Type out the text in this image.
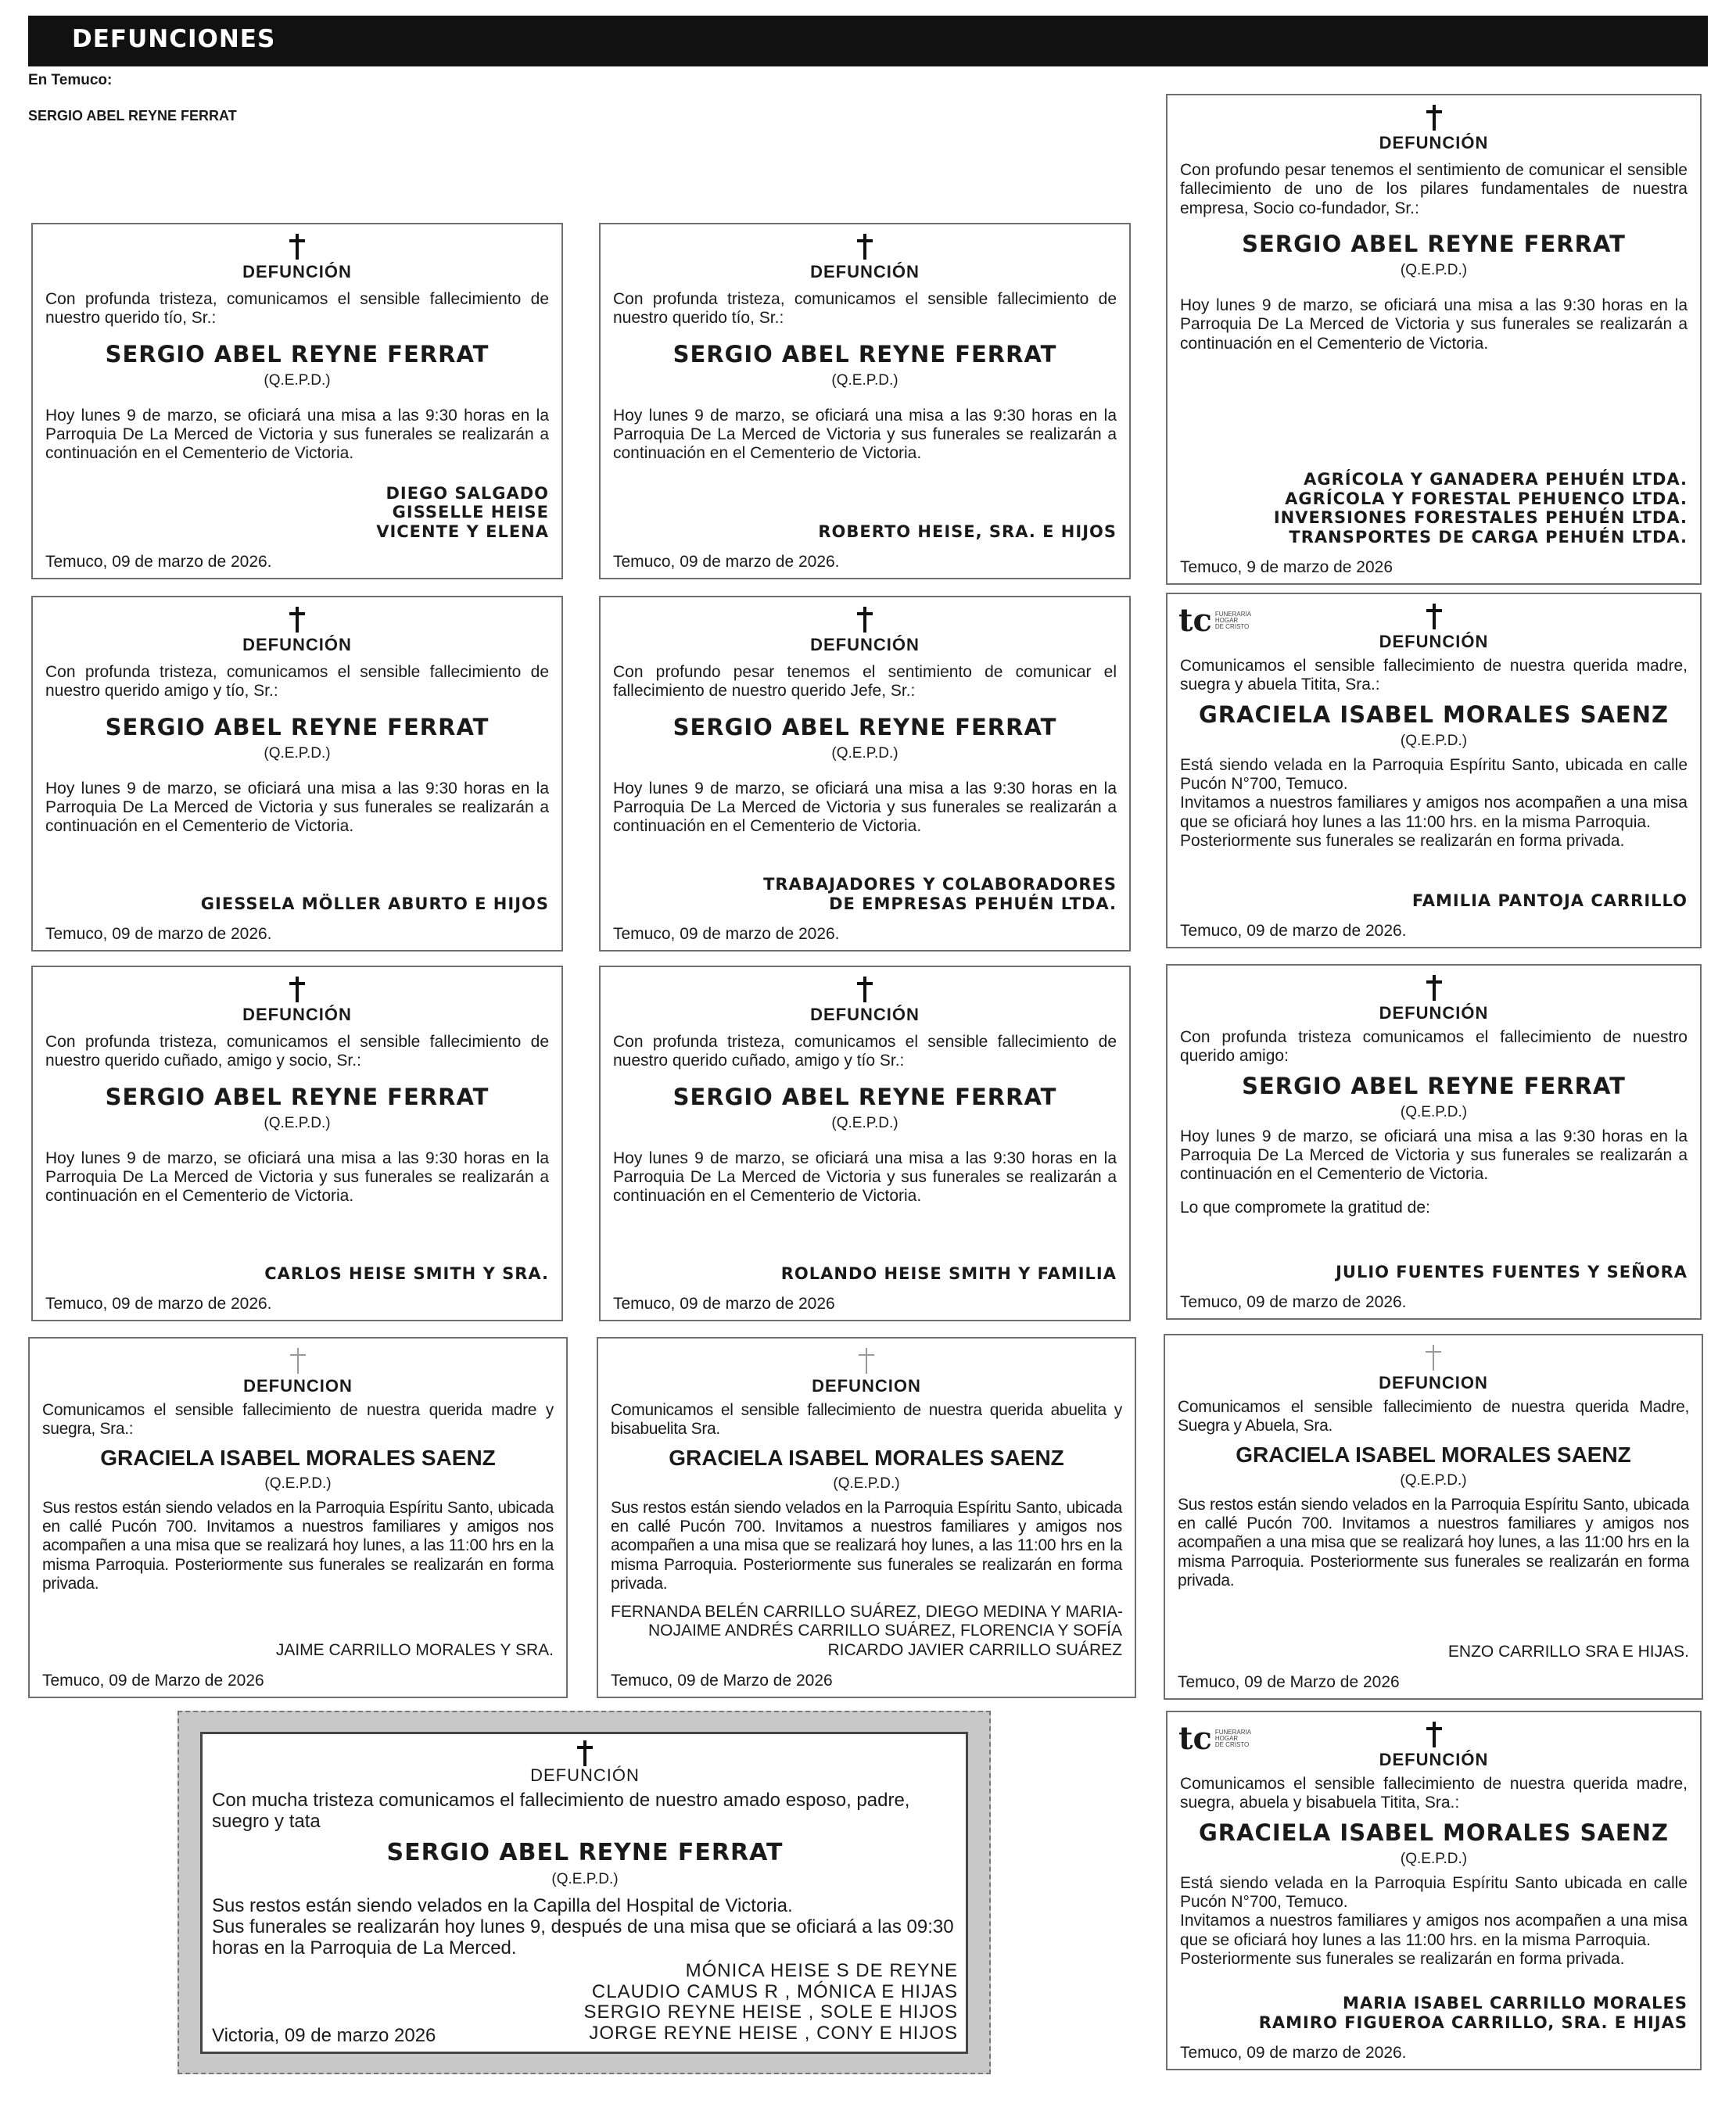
DEFUNCIONES
En Temuco:
SERGIO ABEL REYNE FERRAT
DEFUNCIÓN
Con profunda tristeza, comunicamos el sensible fallecimiento de nuestro querido tío, Sr.:
SERGIO ABEL REYNE FERRAT
(Q.E.P.D.)
Hoy lunes 9 de marzo, se oficiará una misa a las 9:30 horas en la Parroquia De La Merced de Victoria y sus funerales se realizarán a continuación en el Cementerio de Victoria.
DIEGO SALGADO
GISSELLE HEISE
VICENTE Y ELENA
Temuco, 09 de marzo de 2026.
DEFUNCIÓN
Con profunda tristeza, comunicamos el sensible fallecimiento de nuestro querido tío, Sr.:
SERGIO ABEL REYNE FERRAT
(Q.E.P.D.)
Hoy lunes 9 de marzo, se oficiará una misa a las 9:30 horas en la Parroquia De La Merced de Victoria y sus funerales se realizarán a continuación en el Cementerio de Victoria.
ROBERTO HEISE, SRA. E HIJOS
Temuco, 09 de marzo de 2026.
DEFUNCIÓN
Con profundo pesar tenemos el sentimiento de comunicar el sensible fallecimiento de uno de los pilares fundamentales de nuestra empresa, Socio co-fundador, Sr.:
SERGIO ABEL REYNE FERRAT
(Q.E.P.D.)
Hoy lunes 9 de marzo, se oficiará una misa a las 9:30 horas en la Parroquia De La Merced de Victoria y sus funerales se realizarán a continuación en el Cementerio de Victoria.
AGRÍCOLA Y GANADERA PEHUÉN LTDA.
AGRÍCOLA Y FORESTAL PEHUENCO LTDA.
INVERSIONES FORESTALES PEHUÉN LTDA.
TRANSPORTES DE CARGA PEHUÉN LTDA.
Temuco, 9 de marzo de 2026
DEFUNCIÓN
Con profunda tristeza, comunicamos el sensible fallecimiento de nuestro querido amigo y tío, Sr.:
SERGIO ABEL REYNE FERRAT
(Q.E.P.D.)
Hoy lunes 9 de marzo, se oficiará una misa a las 9:30 horas en la Parroquia De La Merced de Victoria y sus funerales se realizarán a continuación en el Cementerio de Victoria.
GIESSELA MÖLLER ABURTO E HIJOS
Temuco, 09 de marzo de 2026.
DEFUNCIÓN
Con profundo pesar tenemos el sentimiento de comunicar el fallecimiento de nuestro querido Jefe, Sr.:
SERGIO ABEL REYNE FERRAT
(Q.E.P.D.)
Hoy lunes 9 de marzo, se oficiará una misa a las 9:30 horas en la Parroquia De La Merced de Victoria y sus funerales se realizarán a continuación en el Cementerio de Victoria.
TRABAJADORES Y COLABORADORES
DE EMPRESAS PEHUÉN LTDA.
Temuco, 09 de marzo de 2026.
tc FUNERARIA
HOGAR
DE CRISTO
DEFUNCIÓN
Comunicamos el sensible fallecimiento de nuestra querida madre, suegra y abuela Titita, Sra.:
GRACIELA ISABEL MORALES SAENZ
(Q.E.P.D.)
Está siendo velada en la Parroquia Espíritu Santo, ubicada en calle Pucón N°700, Temuco.
Invitamos a nuestros familiares y amigos nos acompañen a una misa que se oficiará hoy lunes a las 11:00 hrs. en la misma Parroquia.
Posteriormente sus funerales se realizarán en forma privada.
FAMILIA PANTOJA CARRILLO
Temuco, 09 de marzo de 2026.
DEFUNCIÓN
Con profunda tristeza, comunicamos el sensible fallecimiento de nuestro querido cuñado, amigo y socio, Sr.:
SERGIO ABEL REYNE FERRAT
(Q.E.P.D.)
Hoy lunes 9 de marzo, se oficiará una misa a las 9:30 horas en la Parroquia De La Merced de Victoria y sus funerales se realizarán a continuación en el Cementerio de Victoria.
CARLOS HEISE SMITH Y SRA.
Temuco, 09 de marzo de 2026.
DEFUNCIÓN
Con profunda tristeza, comunicamos el sensible fallecimiento de nuestro querido cuñado, amigo y tío Sr.:
SERGIO ABEL REYNE FERRAT
(Q.E.P.D.)
Hoy lunes 9 de marzo, se oficiará una misa a las 9:30 horas en la Parroquia De La Merced de Victoria y sus funerales se realizarán a continuación en el Cementerio de Victoria.
ROLANDO HEISE SMITH Y FAMILIA
Temuco, 09 de marzo de 2026
DEFUNCIÓN
Con profunda tristeza comunicamos el fallecimiento de nuestro querido amigo:
SERGIO ABEL REYNE FERRAT
(Q.E.P.D.)
Hoy lunes 9 de marzo, se oficiará una misa a las 9:30 horas en la Parroquia De La Merced de Victoria y sus funerales se realizarán a continuación en el Cementerio de Victoria.
Lo que compromete la gratitud de:
JULIO FUENTES FUENTES Y SEÑORA
Temuco, 09 de marzo de 2026.
DEFUNCION
Comunicamos el sensible fallecimiento de nuestra querida madre y suegra, Sra.:
GRACIELA ISABEL MORALES SAENZ
(Q.E.P.D.)
Sus restos están siendo velados en la Parroquia Espíritu Santo, ubicada en callé Pucón 700. Invitamos a nuestros familiares y amigos nos acompañen a una misa que se realizará hoy lunes, a las 11:00 hrs en la misma Parroquia. Posteriormente sus funerales se realizarán en forma privada.
JAIME CARRILLO MORALES Y SRA.
Temuco, 09 de Marzo de 2026
DEFUNCION
Comunicamos el sensible fallecimiento de nuestra querida abuelita y bisabuelita Sra.
GRACIELA ISABEL MORALES SAENZ
(Q.E.P.D.)
Sus restos están siendo velados en la Parroquia Espíritu Santo, ubicada en callé Pucón 700. Invitamos a nuestros familiares y amigos nos acompañen a una misa que se realizará hoy lunes, a las 11:00 hrs en la misma Parroquia. Posteriormente sus funerales se realizarán en forma privada.
FERNANDA BELÉN CARRILLO SUÁREZ, DIEGO MEDINA Y MARIA-
NOJAIME ANDRÉS CARRILLO SUÁREZ, FLORENCIA Y SOFÍA
RICARDO JAVIER CARRILLO SUÁREZ
Temuco, 09 de Marzo de 2026
DEFUNCION
Comunicamos el sensible fallecimiento de nuestra querida Madre, Suegra y Abuela, Sra.
GRACIELA ISABEL MORALES SAENZ
(Q.E.P.D.)
Sus restos están siendo velados en la Parroquia Espíritu Santo, ubicada en callé Pucón 700. Invitamos a nuestros familiares y amigos nos acompañen a una misa que se realizará hoy lunes, a las 11:00 hrs en la misma Parroquia. Posteriormente sus funerales se realizarán en forma privada.
ENZO CARRILLO SRA E HIJAS.
Temuco, 09 de Marzo de 2026
DEFUNCIÓN
Con mucha tristeza comunicamos el fallecimiento de nuestro amado esposo, padre, suegro y tata
SERGIO ABEL REYNE FERRAT
(Q.E.P.D.)
Sus restos están siendo velados en la Capilla del Hospital de Victoria.
Sus funerales se realizarán hoy lunes 9, después de una misa que se oficiará a las 09:30 horas en la Parroquia de La Merced.
MÓNICA HEISE S DE REYNE
CLAUDIO CAMUS R , MÓNICA E HIJAS
SERGIO REYNE HEISE , SOLE E HIJOS
JORGE REYNE HEISE , CONY E HIJOS
Victoria, 09 de marzo 2026
tc FUNERARIA
HOGAR
DE CRISTO
DEFUNCIÓN
Comunicamos el sensible fallecimiento de nuestra querida madre, suegra, abuela y bisabuela Titita, Sra.:
GRACIELA ISABEL MORALES SAENZ
(Q.E.P.D.)
Está siendo velada en la Parroquia Espíritu Santo ubicada en calle Pucón N°700, Temuco.
Invitamos a nuestros familiares y amigos nos acompañen a una misa que se oficiará hoy lunes a las 11:00 hrs. en la misma Parroquia.
Posteriormente sus funerales se realizarán en forma privada.
MARIA ISABEL CARRILLO MORALES
RAMIRO FIGUEROA CARRILLO, SRA. E HIJAS
Temuco, 09 de marzo de 2026.
